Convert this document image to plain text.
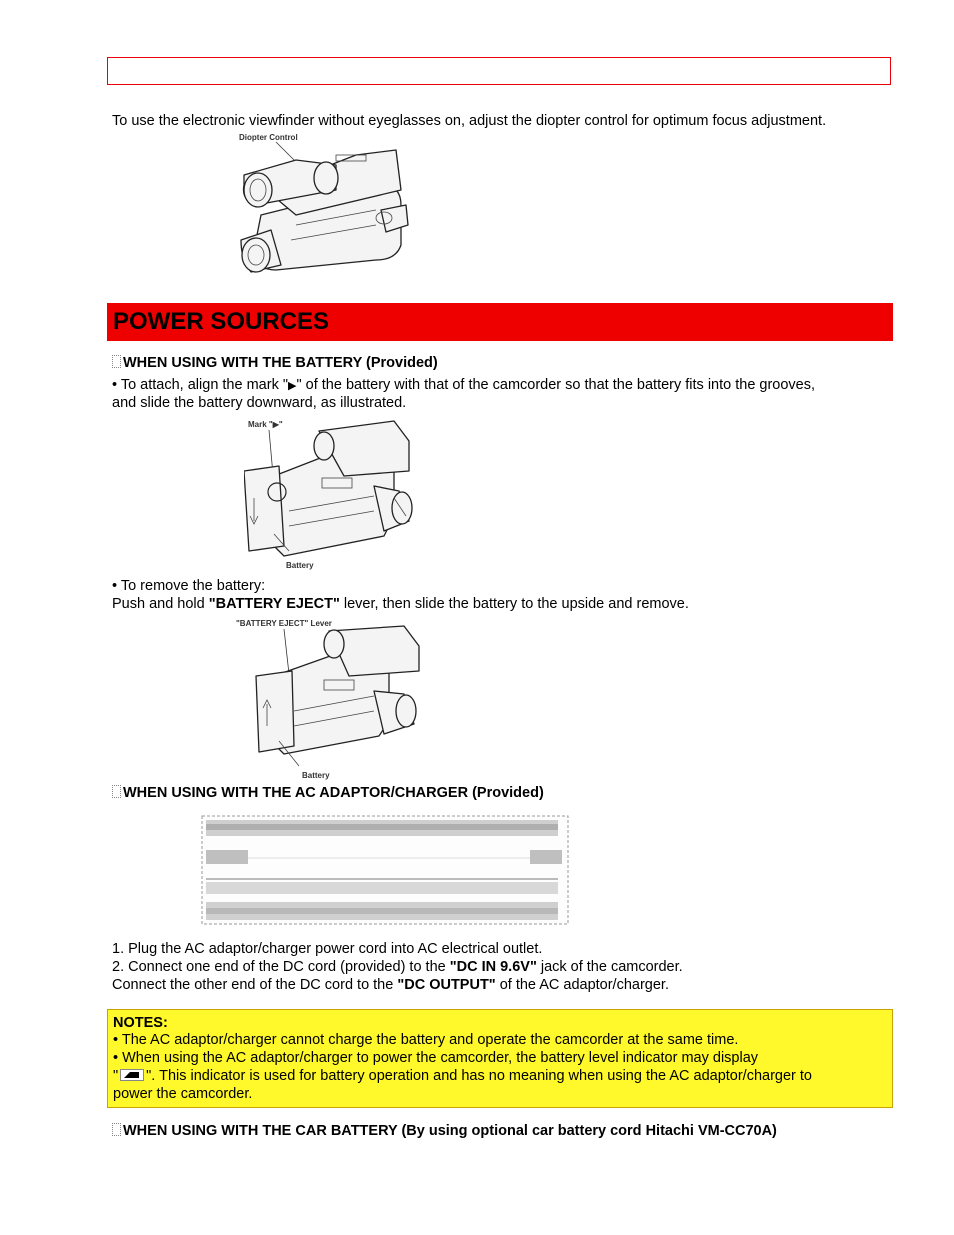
To use the electronic viewfinder without eyeglasses on, adjust the diopter control for optimum focus adjustment.
Diopter Control
POWER SOURCES
WHEN USING WITH THE BATTERY (Provided)
• To attach, align the mark "▶" of the battery with that of the camcorder so that the battery fits into the grooves,
and slide the battery downward, as illustrated.
Mark "▶"
Battery
• To remove the battery:
Push and hold "BATTERY EJECT" lever, then slide the battery to the upside and remove.
"BATTERY EJECT" Lever
Battery
WHEN USING WITH THE AC ADAPTOR/CHARGER (Provided)
1. Plug the AC adaptor/charger power cord into AC electrical outlet.
2. Connect one end of the DC cord (provided) to the "DC IN 9.6V" jack of the camcorder.
Connect the other end of the DC cord to the "DC OUTPUT" of the AC adaptor/charger.
NOTES:
• The AC adaptor/charger cannot charge the battery and operate the camcorder at the same time.
• When using the AC adaptor/charger to power the camcorder, the battery level indicator may display
" ". This indicator is used for battery operation and has no meaning when using the AC adaptor/charger to
power the camcorder.
WHEN USING WITH THE CAR BATTERY (By using optional car battery cord Hitachi VM-CC70A)
